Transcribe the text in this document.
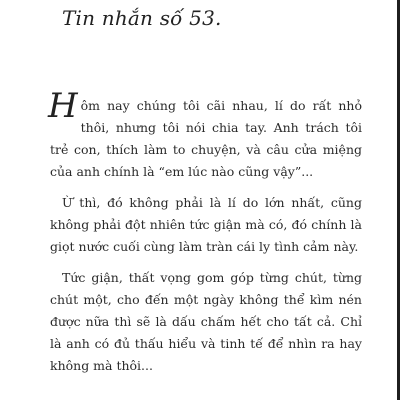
Tin nhắn số 53.

Hôm nay chúng tôi cãi nhau, lí do rất nhỏ thôi, nhưng tôi nói chia tay. Anh trách tôi trẻ con, thích làm to chuyện, và câu cửa miệng của anh chính là “em lúc nào cũng vậy”...

Ừ thì, đó không phải là lí do lớn nhất, cũng không phải đột nhiên tức giận mà có, đó chính là giọt nước cuối cùng làm tràn cái ly tình cảm này.

Tức giận, thất vọng gom góp từng chút, từng chút một, cho đến một ngày không thể kìm nén được nữa thì sẽ là dấu chấm hết cho tất cả. Chỉ là anh có đủ thấu hiểu và tinh tế để nhìn ra hay không mà thôi...
